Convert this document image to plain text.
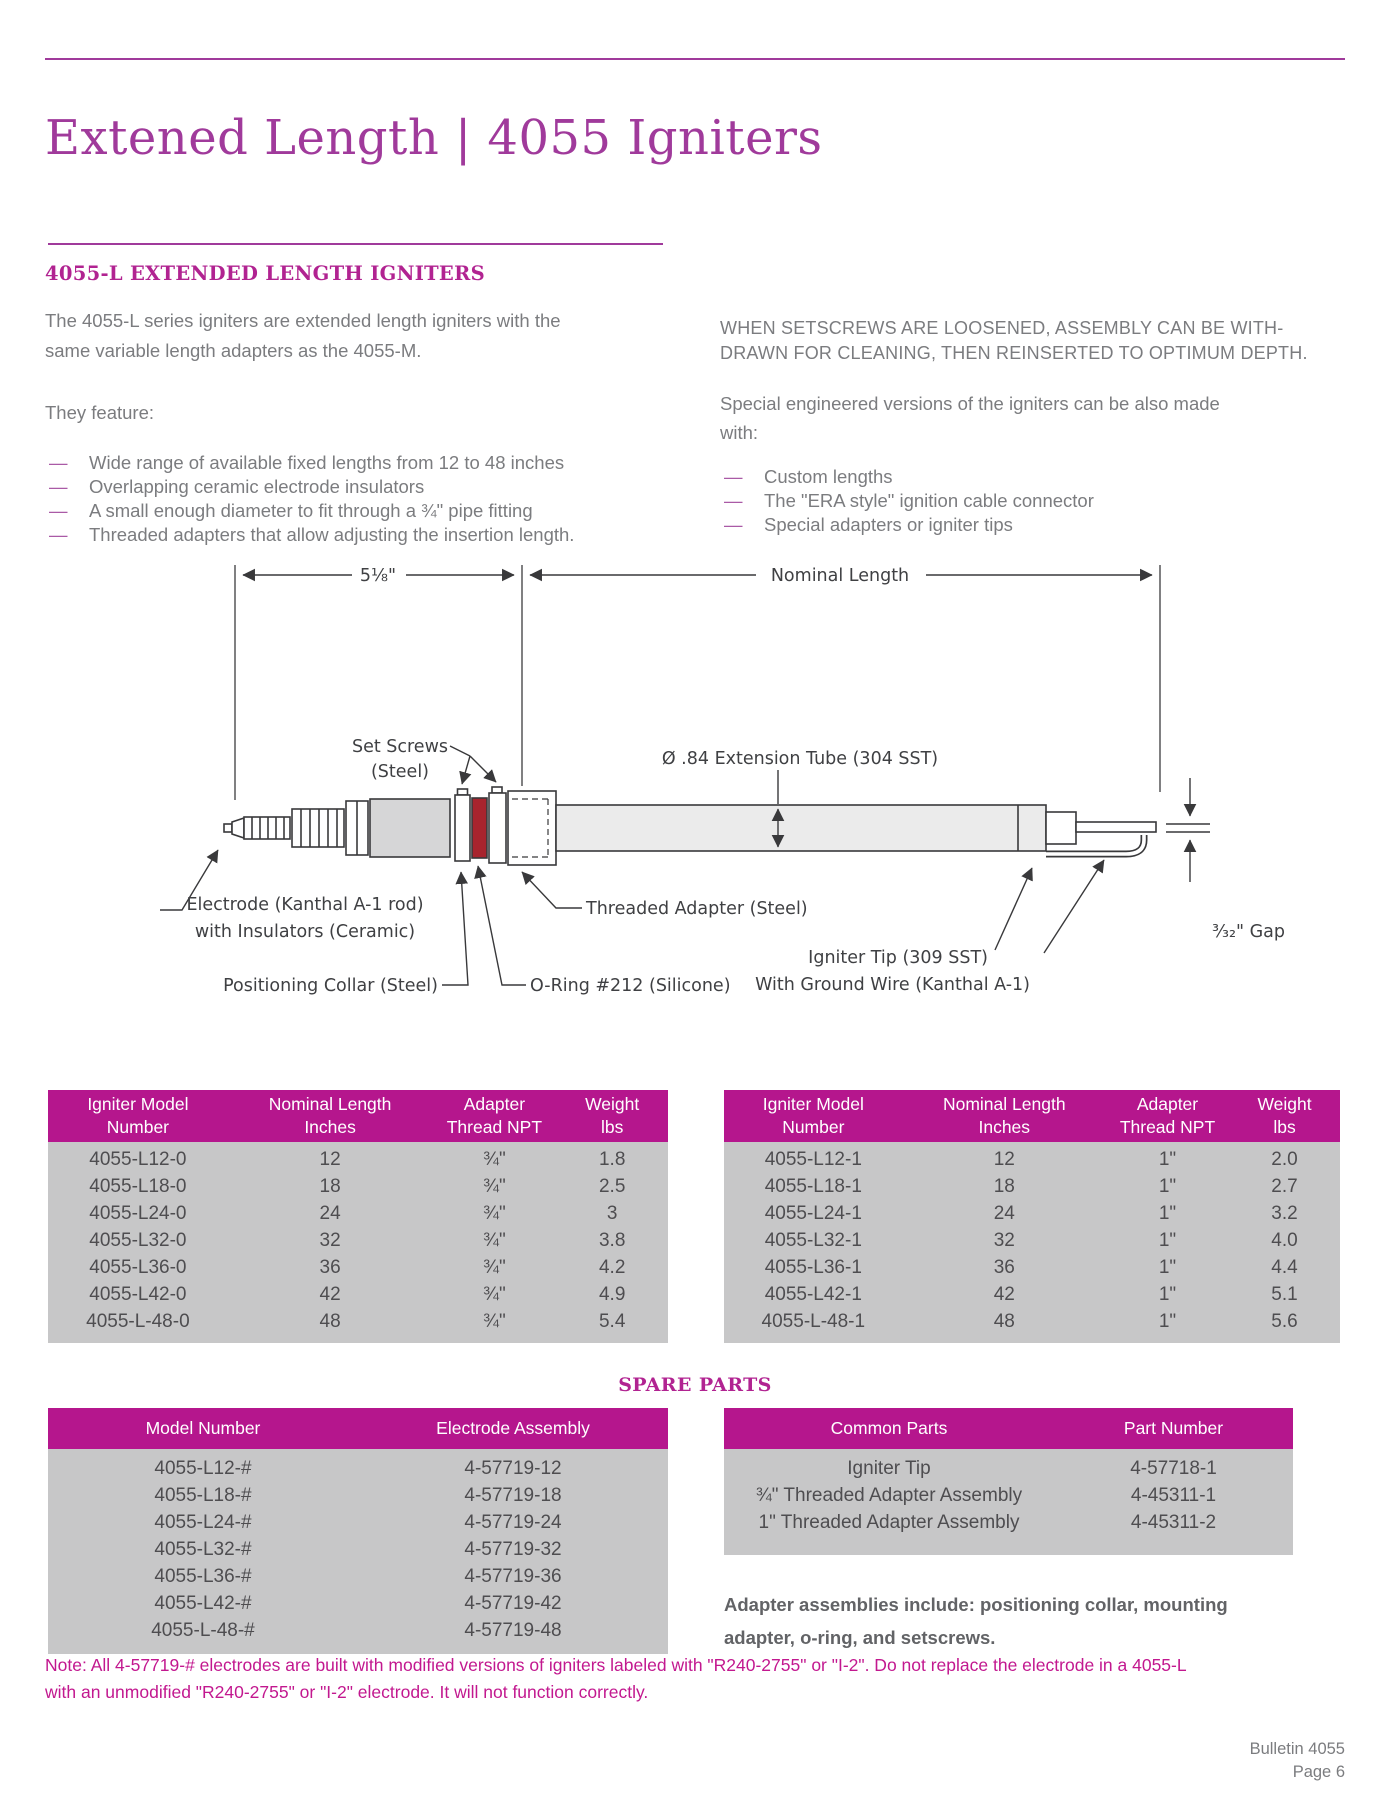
Extened Length | 4055 Igniters
4055-L EXTENDED LENGTH IGNITERS
The 4055-L series igniters are extended length igniters with the
same variable length adapters as the 4055-M.
They feature:
—	Wide range of available fixed lengths from 12 to 48 inches
—	Overlapping ceramic electrode insulators
—	A small enough diameter to fit through a ¾" pipe fitting
—	Threaded adapters that allow adjusting the insertion length.
WHEN SETSCREWS ARE LOOSENED, ASSEMBLY CAN BE WITH-
DRAWN FOR CLEANING, THEN REINSERTED TO OPTIMUM DEPTH.
Special engineered versions of the igniters can be also made
with:
—	Custom lengths
—	The "ERA style" ignition cable connector
—	Special adapters or igniter tips
5⅛"	Nominal Length
Set Screws
(Steel)
Ø .84 Extension Tube (304 SST)
Electrode (Kanthal A-1 rod)
with Insulators (Ceramic)
Positioning Collar (Steel)	O-Ring #212 (Silicone)
Threaded Adapter (Steel)
Igniter Tip (309 SST)
With Ground Wire (Kanthal A-1)
³⁄₃₂" Gap
Igniter Model
Number
Nominal Length
Inches
Adapter
Thread NPT
Weight
lbs
4055-L12-0	12	¾"	1.8
4055-L18-0	18	¾"	2.5
4055-L24-0	24	¾"	3
4055-L32-0	32	¾"	3.8
4055-L36-0	36	¾"	4.2
4055-L42-0	42	¾"	4.9
4055-L-48-0	48	¾"	5.4
Igniter Model
Number
Nominal Length
Inches
Adapter
Thread NPT
Weight
lbs
4055-L12-1	12	1"	2.0
4055-L18-1	18	1"	2.7
4055-L24-1	24	1"	3.2
4055-L32-1	32	1"	4.0
4055-L36-1	36	1"	4.4
4055-L42-1	42	1"	5.1
4055-L-48-1	48	1"	5.6
SPARE PARTS
Model Number	Electrode Assembly
4055-L12-#	4-57719-12
4055-L18-#	4-57719-18
4055-L24-#	4-57719-24
4055-L32-#	4-57719-32
4055-L36-#	4-57719-36
4055-L42-#	4-57719-42
4055-L-48-#	4-57719-48
Common Parts	Part Number
Igniter Tip	4-57718-1
¾" Threaded Adapter Assembly	4-45311-1
1" Threaded Adapter Assembly	4-45311-2
Adapter assemblies include: positioning collar, mounting
adapter, o-ring, and setscrews.
Note: All 4-57719-# electrodes are built with modified versions of igniters labeled with "R240-2755" or "I-2". Do not replace the electrode in a 4055-L
with an unmodified "R240-2755" or "I-2" electrode. It will not function correctly.
Bulletin 4055
Page 6
